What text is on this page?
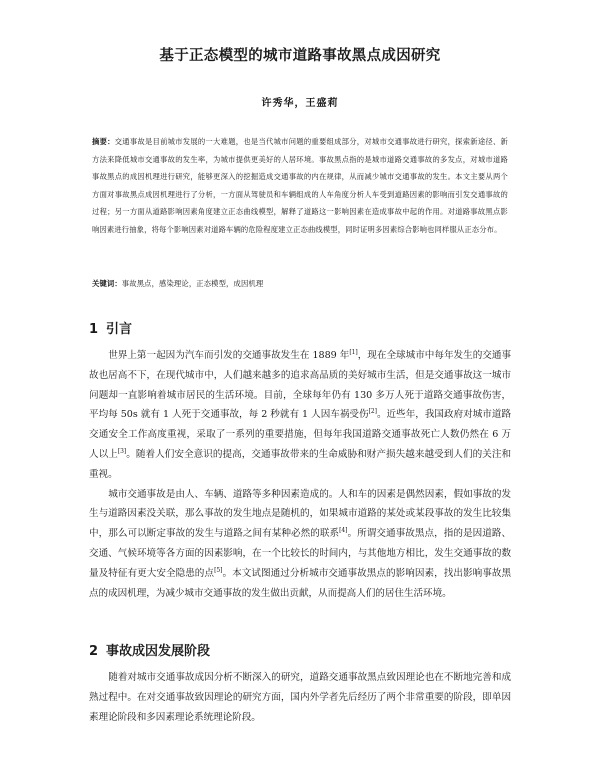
基于正态模型的城市道路事故黑点成因研究
许秀华，王盛莉
摘要：交通事故是目前城市发展的一大难题，也是当代城市问题的重要组成部分，对城市交通事故进行研究，探索新途径、新方法来降低城市交通事故的发生率，为城市提供更美好的人居环境。事故黑点指的是城市道路交通事故的多发点，对城市道路事故黑点的成因机理进行研究，能够更深入的挖掘造成交通事故的内在规律，从而减少城市交通事故的发生。本文主要从两个方面对事故黑点成因机理进行了分析，一方面从驾驶员和车辆组成的人车角度分析人车受到道路因素的影响而引发交通事故的过程；另一方面从道路影响因素角度建立正态曲线模型，解释了道路这一影响因素在造成事故中起的作用。对道路事故黑点影响因素进行抽象，将每个影响因素对道路车辆的危险程度建立正态曲线模型，同时证明多因素综合影响也同样服从正态分布。
关键词：事故黑点，感染理论，正态模型，成因机理
1 引言

世界上第一起因为汽车而引发的交通事故发生在 1889 年[1]，现在全球城市中每年发生的交通事故也居高不下，在现代城市中，人们越来越多的追求高品质的美好城市生活，但是交通事故这一城市问题却一直影响着城市居民的生活环境。目前，全球每年仍有 130 多万人死于道路交通事故伤害，平均每 50s 就有 1 人死于交通事故，每 2 秒就有 1 人因车祸受伤[2]。近些年，我国政府对城市道路交通安全工作高度重视，采取了一系列的重要措施，但每年我国道路交通事故死亡人数仍然在 6 万人以上[3]。随着人们安全意识的提高，交通事故带来的生命威胁和财产损失越来越受到人们的关注和重视。

城市交通事故是由人、车辆、道路等多种因素造成的。人和车的因素是偶然因素，假如事故的发生与道路因素没关联，那么事故的发生地点是随机的，如果城市道路的某处或某段事故的发生比较集中，那么可以断定事故的发生与道路之间有某种必然的联系[4]。所谓交通事故黑点，指的是因道路、交通、气候环境等各方面的因素影响，在一个比较长的时间内，与其他地方相比，发生交通事故的数量及特征有更大安全隐患的点[5]。本文试图通过分析城市交通事故黑点的影响因素，找出影响事故黑点的成因机理，为减少城市交通事故的发生做出贡献，从而提高人们的居住生活环境。

2 事故成因发展阶段

随着对城市交通事故成因分析不断深入的研究，道路交通事故黑点致因理论也在不断地完善和成熟过程中。在对交通事故致因理论的研究方面，国内外学者先后经历了两个非常重要的阶段，即单因素理论阶段和多因素理论系统理论阶段。
